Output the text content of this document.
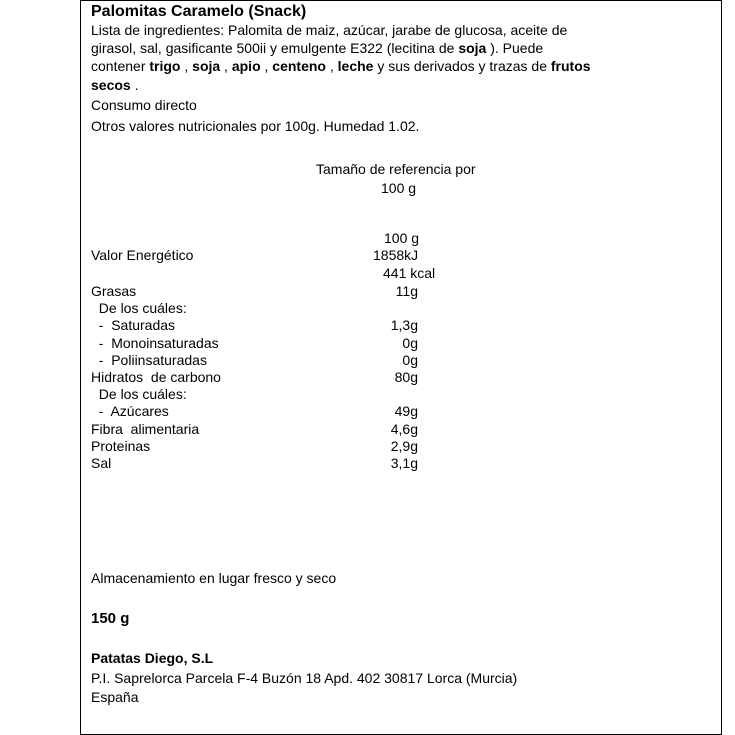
Palomitas Caramelo (Snack)
Lista de ingredientes: Palomita de maiz, azúcar, jarabe de glucosa, aceite de
girasol, sal, gasificante 500ii y emulgente E322 (lecitina de soja ). Puede
contener trigo , soja , apio , centeno , leche y sus derivados y trazas de frutos
secos .
Consumo directo
Otros valores nutricionales por 100g. Humedad 1.02.
Tamaño de referencia por
100 g
100 g
Valor Energético	1858kJ
441 kcal
Grasas	11g
De los cuáles:
-  Saturadas	1,3g
-  Monoinsaturadas	0g
-  Poliinsaturadas	0g
Hidratos  de carbono	80g
De los cuáles:
-  Azúcares	49g
Fibra  alimentaria	4,6g
Proteinas	2,9g
Sal	3,1g
Almacenamiento en lugar fresco y seco
150 g
Patatas Diego, S.L
P.I. Saprelorca Parcela F-4 Buzón 18 Apd. 402 30817 Lorca (Murcia)
España
